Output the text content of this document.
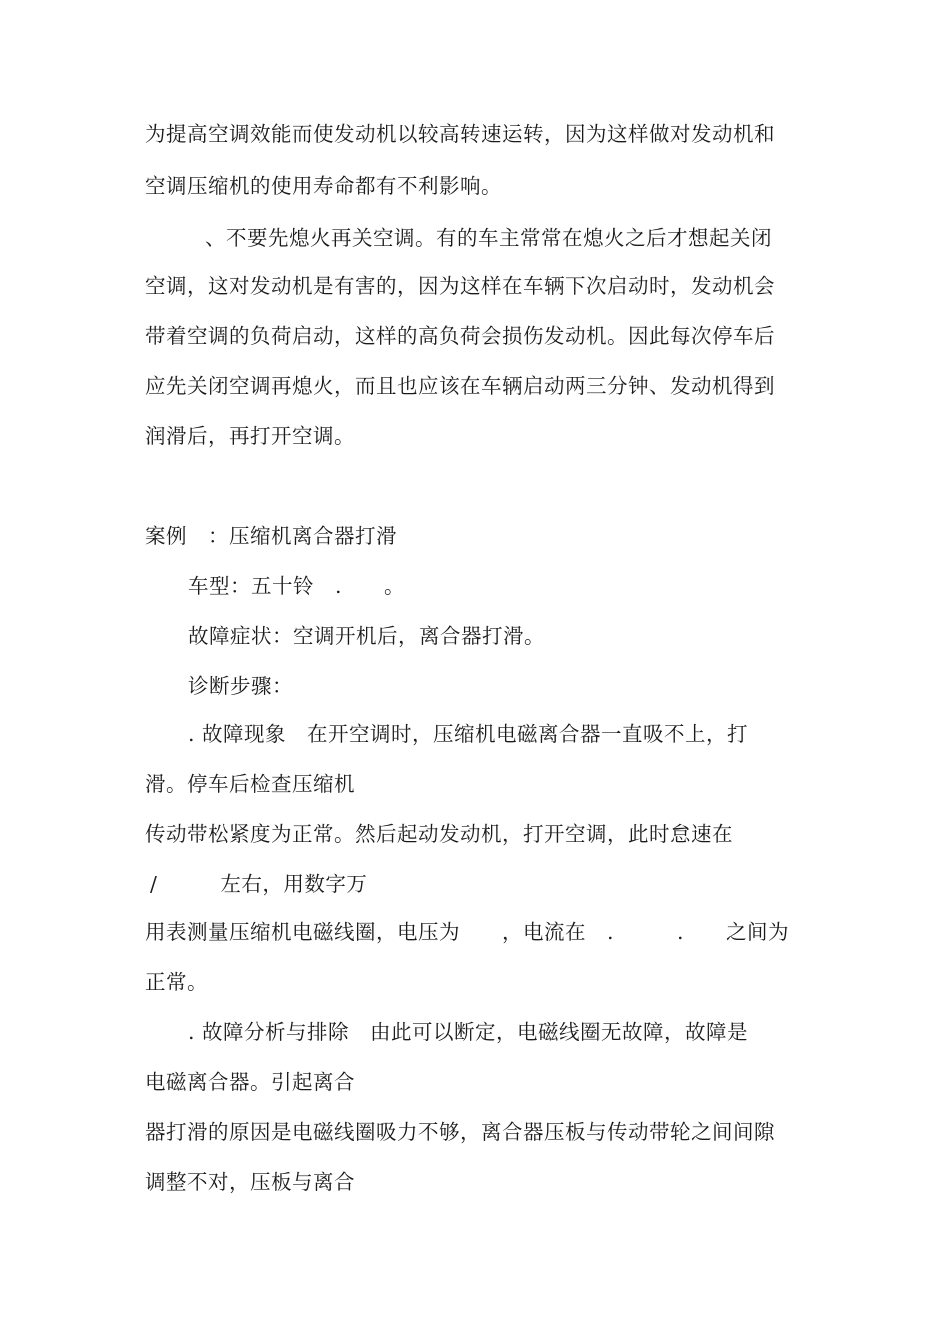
为提高空调效能而使发动机以较高转速运转，因为这样做对发动机和
空调压缩机的使用寿命都有不利影响。
、不要先熄火再关空调。有的车主常常在熄火之后才想起关闭
空调，这对发动机是有害的，因为这样在车辆下次启动时，发动机会
带着空调的负荷启动，这样的高负荷会损伤发动机。因此每次停车后
应先关闭空调再熄火，而且也应该在车辆启动两三分钟、发动机得到
润滑后，再打开空调。
案例　：压缩机离合器打滑
车型：五十铃　.　　。
故障症状：空调开机后，离合器打滑。
诊断步骤：
. 故障现象　在开空调时，压缩机电磁离合器一直吸不上，打
滑。停车后检查压缩机
传动带松紧度为正常。然后起动发动机，打开空调，此时怠速在
/　　　左右，用数字万
用表测量压缩机电磁线圈，电压为　　，电流在　.　　　.　　之间为
正常。
. 故障分析与排除　由此可以断定，电磁线圈无故障，故障是
电磁离合器。引起离合
器打滑的原因是电磁线圈吸力不够，离合器压板与传动带轮之间间隙
调整不对，压板与离合
